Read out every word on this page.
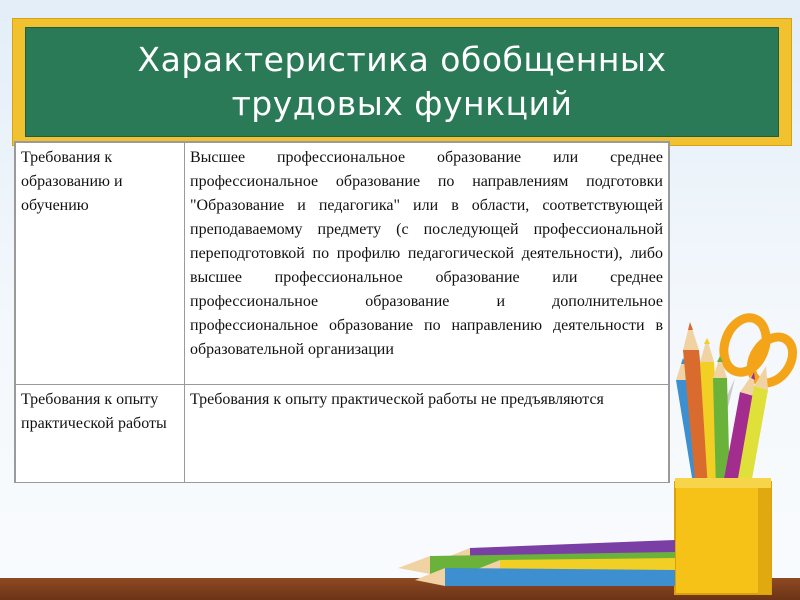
Характеристика обобщенных
трудовых функций
Требования к образованию и обучению	Высшее профессиональное образование или среднее профессиональное образование по направлениям подготовки "Образование и педагогика" или в области, соответствующей преподаваемому предмету (с последующей профессиональной переподготовкой по профилю педагогической деятельности), либо высшее профессиональное образование или среднее профессиональное образование и дополнительное профессиональное образование по направлению деятельности в образовательной организации
Требования к опыту практической работы	Требования к опыту практической работы не предъявляются
